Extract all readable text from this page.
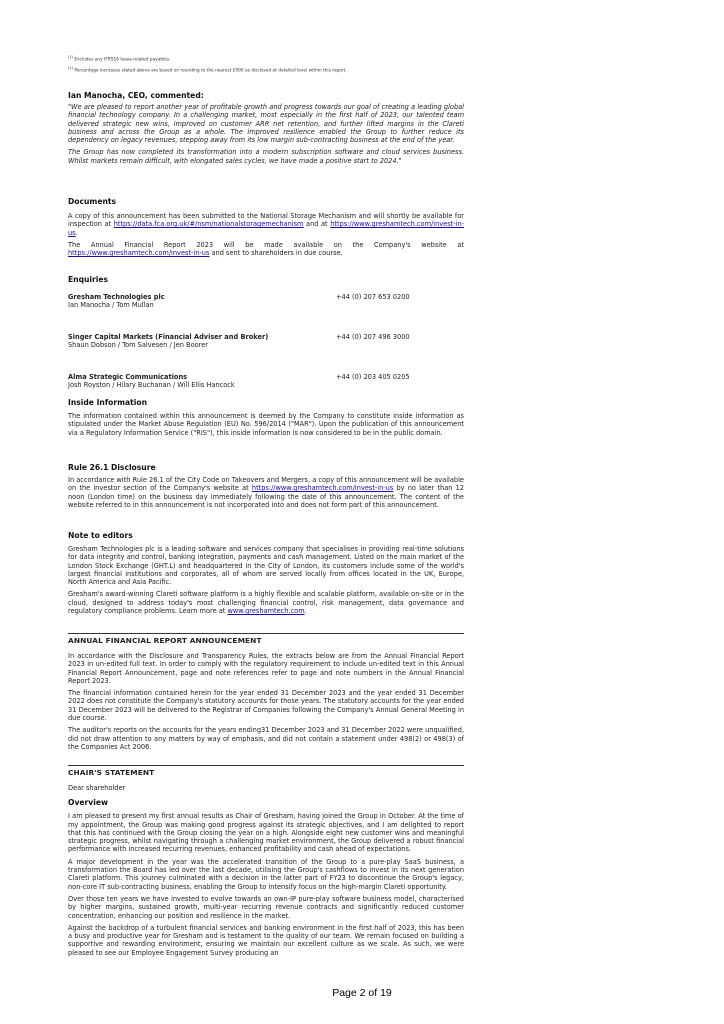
$^{(1)}$ Excludes any IFRS16 lease-related payables.
$^{(2)}$ Percentage increases stated above are based on rounding to the nearest £000 as disclosed at detailed level within this report.
Ian Manocha, CEO, commented:

"We are pleased to report another year of profitable growth and progress towards our goal of creating a leading global financial technology company. In a challenging market, most especially in the first half of 2023, our talented team delivered strategic new wins, improved on customer ARR net retention, and further lifted margins in the Clareti business and across the Group as a whole. The improved resilience enabled the Group to further reduce its dependency on legacy revenues, stepping away from its low margin sub-contracting business at the end of the year.

The Group has now completed its transformation into a modern subscription software and cloud services business. Whilst markets remain difficult, with elongated sales cycles, we have made a positive start to 2024."

Documents

A copy of this announcement has been submitted to the National Storage Mechanism and will shortly be available for inspection at https://data.fca.org.uk/#/nsm/nationalstoragemechanism and at https://www.greshamtech.com/invest-in-us.

The Annual Financial Report 2023 will be made available on the Company's website at https://www.greshamtech.com/invest-in-us and sent to shareholders in due course.

Enquiries
Gresham Technologies plc
Ian Manocha / Tom Mullan
+44 (0) 207 653 0200
Singer Capital Markets (Financial Adviser and Broker)
Shaun Dobson / Tom Salvesen / Jen Boorer
+44 (0) 207 496 3000
Alma Strategic Communications
Josh Royston / Hilary Buchanan / Will Ellis Hancock
+44 (0) 203 405 0205
Inside Information

The information contained within this announcement is deemed by the Company to constitute inside information as stipulated under the Market Abuse Regulation (EU) No. 596/2014 ("MAR"). Upon the publication of this announcement via a Regulatory Information Service ("RIS"), this inside information is now considered to be in the public domain.

Rule 26.1 Disclosure

In accordance with Rule 26.1 of the City Code on Takeovers and Mergers, a copy of this announcement will be available on the investor section of the Company's website at https://www.greshamtech.com/invest-in-us by no later than 12 noon (London time) on the business day immediately following the date of this announcement. The content of the website referred to in this announcement is not incorporated into and does not form part of this announcement.

Note to editors

Gresham Technologies plc is a leading software and services company that specialises in providing real-time solutions for data integrity and control, banking integration, payments and cash management. Listed on the main market of the London Stock Exchange (GHT.L) and headquartered in the City of London, its customers include some of the world's largest financial institutions and corporates, all of whom are served locally from offices located in the UK, Europe, North America and Asia Pacific.

Gresham's award-winning Clareti software platform is a highly flexible and scalable platform, available on-site or in the cloud, designed to address today's most challenging financial control, risk management, data governance and regulatory compliance problems. Learn more at www.greshamtech.com.

ANNUAL FINANCIAL REPORT ANNOUNCEMENT

In accordance with the Disclosure and Transparency Rules, the extracts below are from the Annual Financial Report 2023 in un-edited full text. In order to comply with the regulatory requirement to include un-edited text in this Annual Financial Report Announcement, page and note references refer to page and note numbers in the Annual Financial Report 2023.

The financial information contained herein for the year ended 31 December 2023 and the year ended 31 December 2022 does not constitute the Company's statutory accounts for those years. The statutory accounts for the year ended 31 December 2023 will be delivered to the Registrar of Companies following the Company's Annual General Meeting in due course.

The auditor's reports on the accounts for the years ending31 December 2023 and 31 December 2022 were unqualified, did not draw attention to any matters by way of emphasis, and did not contain a statement under 498(2) or 498(3) of the Companies Act 2006.

CHAIR'S STATEMENT

Dear shareholder

Overview

I am pleased to present my first annual results as Chair of Gresham, having joined the Group in October. At the time of my appointment, the Group was making good progress against its strategic objectives, and I am delighted to report that this has continued with the Group closing the year on a high. Alongside eight new customer wins and meaningful strategic progress, whilst navigating through a challenging market environment, the Group delivered a robust financial performance with increased recurring revenues, enhanced profitability and cash ahead of expectations.

A major development in the year was the accelerated transition of the Group to a pure-play SaaS business, a transformation the Board has led over the last decade, utilising the Group's cashflows to invest in its next generation Clareti platform. This journey culminated with a decision in the latter part of FY23 to discontinue the Group's legacy, non-core IT sub-contracting business, enabling the Group to intensify focus on the high-margin Clareti opportunity.

Over those ten years we have invested to evolve towards an own-IP pure-play software business model, characterised by higher margins, sustained growth, multi-year recurring revenue contracts and significantly reduced customer concentration, enhancing our position and resilience in the market.

Against the backdrop of a turbulent financial services and banking environment in the first half of 2023, this has been a busy and productive year for Gresham and is testament to the quality of our team. We remain focused on building a supportive and rewarding environment, ensuring we maintain our excellent culture as we scale. As such, we were pleased to see our Employee Engagement Survey producing an

Page 2 of 19
